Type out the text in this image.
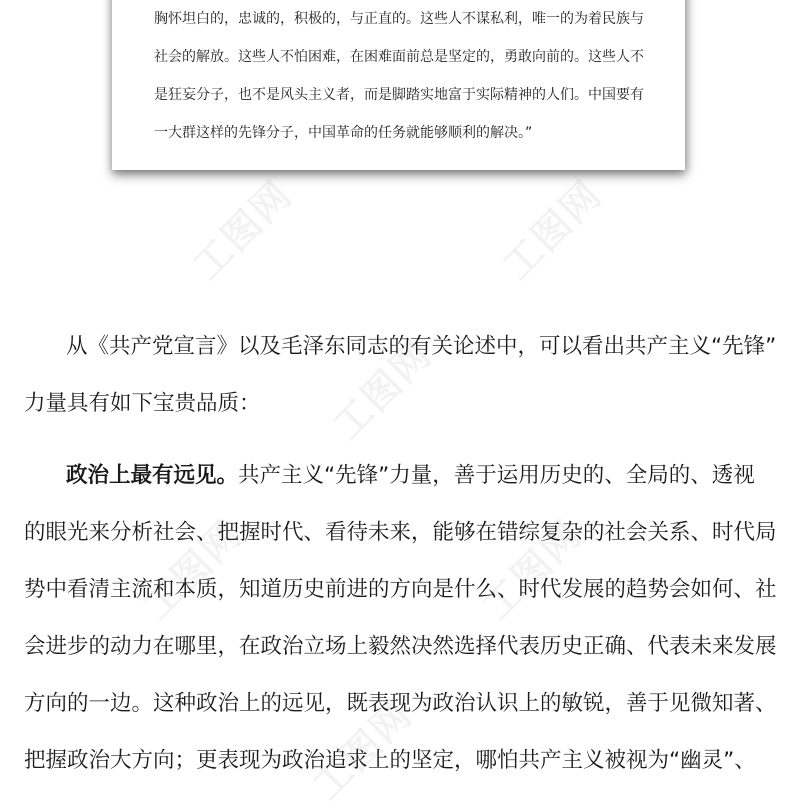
工图网	工图网
工图网
工图网	工图网
工图网
胸怀坦白的，忠诚的，积极的，与正直的。这些人不谋私利，唯一的为着民族与
社会的解放。这些人不怕困难，在困难面前总是坚定的，勇敢向前的。这些人不
是狂妄分子，也不是风头主义者，而是脚踏实地富于实际精神的人们。中国要有
一大群这样的先锋分子，中国革命的任务就能够顺利的解决。”
从《共产党宣言》以及毛泽东同志的有关论述中，可以看出共产主义“先锋”
力量具有如下宝贵品质：
政治上最有远见。共产主义“先锋”力量，善于运用历史的、全局的、透视
的眼光来分析社会、把握时代、看待未来，能够在错综复杂的社会关系、时代局
势中看清主流和本质，知道历史前进的方向是什么、时代发展的趋势会如何、社
会进步的动力在哪里，在政治立场上毅然决然选择代表历史正确、代表未来发展
方向的一边。这种政治上的远见，既表现为政治认识上的敏锐，善于见微知著、
把握政治大方向；更表现为政治追求上的坚定，哪怕共产主义被视为“幽灵”、
